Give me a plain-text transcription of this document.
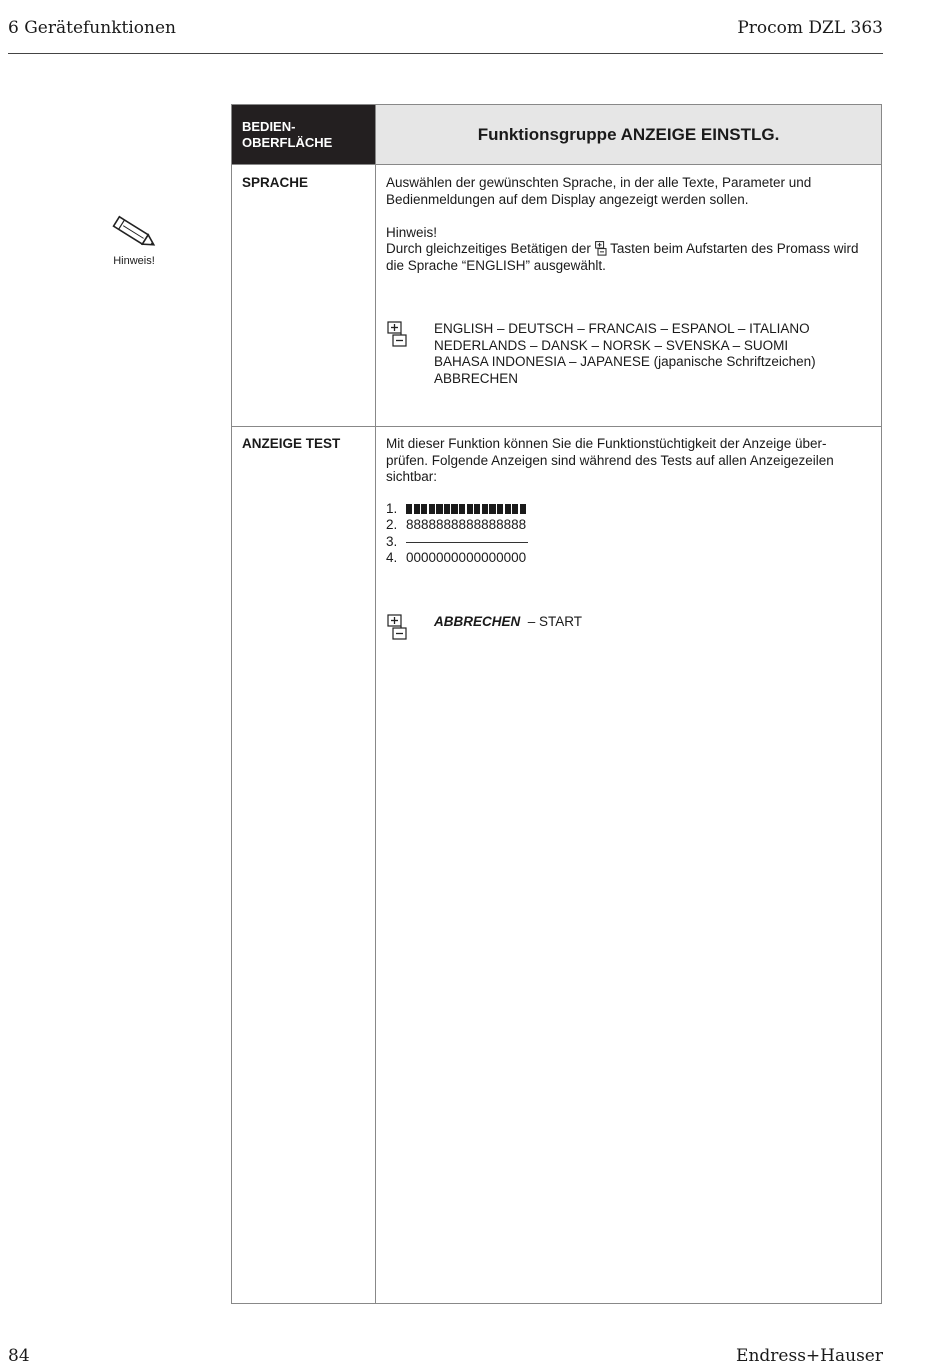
6 Gerätefunktionen	Procom DZL 363
Hinweis!
BEDIEN-
OBERFLÄCHE	Funktionsgruppe ANZEIGE EINSTLG.
SPRACHE	Auswählen der gewünschten Sprache, in der alle Texte, Parameter und Bedienmeldungen auf dem Display angezeigt werden sollen.

Hinweis!

Durch gleichzeitiges Betätigen der Tasten beim Aufstarten des Promass wird die Sprache “ENGLISH” ausgewählt.

ENGLISH – DEUTSCH – FRANCAIS – ESPANOL – ITALIANO
NEDERLANDS – DANSK – NORSK – SVENSKA – SUOMI
BAHASA INDONESIA – JAPANESE (japanische Schriftzeichen)
ABBRECHEN
ANZEIGE TEST	Mit dieser Funktion können Sie die Funktionstüchtigkeit der Anzeige über-prüfen. Folgende Anzeigen sind während des Tests auf allen Anzeigezeilen sichtbar:

1.
2. 8888888888888888
3.
4. 0000000000000000
ABBRECHEN – START
84	Endress+Hauser
